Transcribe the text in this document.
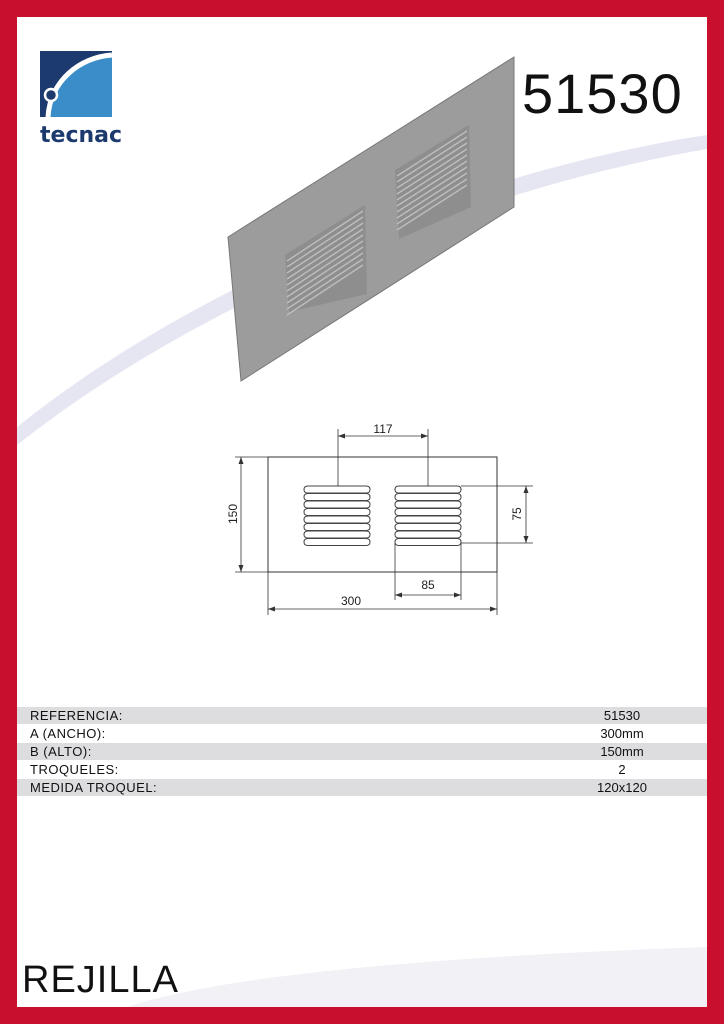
tecnac
51530
117
150	75
85
300
REFERENCIA:	51530
A (ANCHO):	300mm
B (ALTO):	150mm
TROQUELES:	2
MEDIDA TROQUEL:	120x120
REJILLA
